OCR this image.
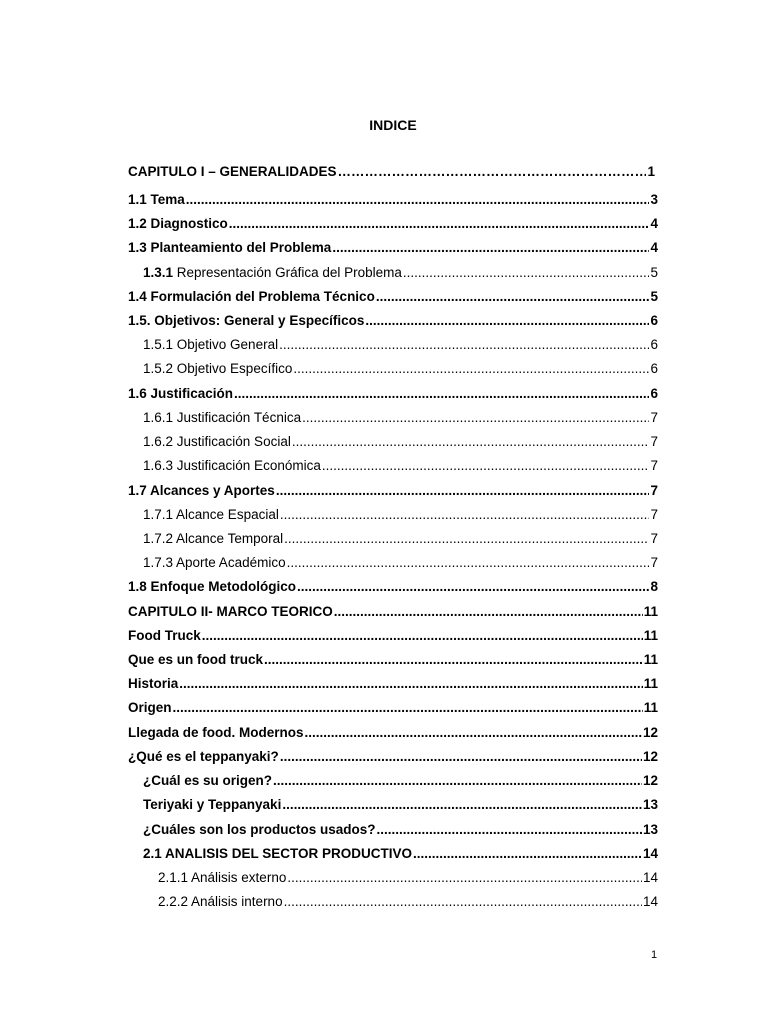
INDICE
CAPITULO I – GENERALIDADES ………………………………………………………………………………………………………………………………………	1
1.1 Tema .....	3
1.2 Diagnostico .....	4
1.3 Planteamiento del Problema .....	4
1.3.1 Representación Gráfica del Problema .....	5
1.4 Formulación del Problema Técnico .....	5
1.5. Objetivos: General y Específicos .....	6
1.5.1 Objetivo General .....	6
1.5.2 Objetivo Específico .....	6
1.6 Justificación .....	6
1.6.1 Justificación Técnica .....	7
1.6.2 Justificación Social .....	7
1.6.3 Justificación Económica .....	7
1.7 Alcances y Aportes .....	7
1.7.1 Alcance Espacial .....	7
1.7.2 Alcance Temporal .....	7
1.7.3 Aporte Académico .....	7
1.8 Enfoque Metodológico .....	8
CAPITULO II- MARCO TEORICO .....	11
Food Truck .....	11
Que es un food truck .....	11
Historia .....	11
Origen .....	11
Llegada de food. Modernos .....	12
¿Qué es el teppanyaki? .....	12
¿Cuál es su origen? .....	12
Teriyaki y Teppanyaki .....	13
¿Cuáles son los productos usados? .....	13
2.1 ANALISIS DEL SECTOR PRODUCTIVO .....	14
2.1.1 Análisis externo .....	14
2.2.2 Análisis interno .....	14
1
